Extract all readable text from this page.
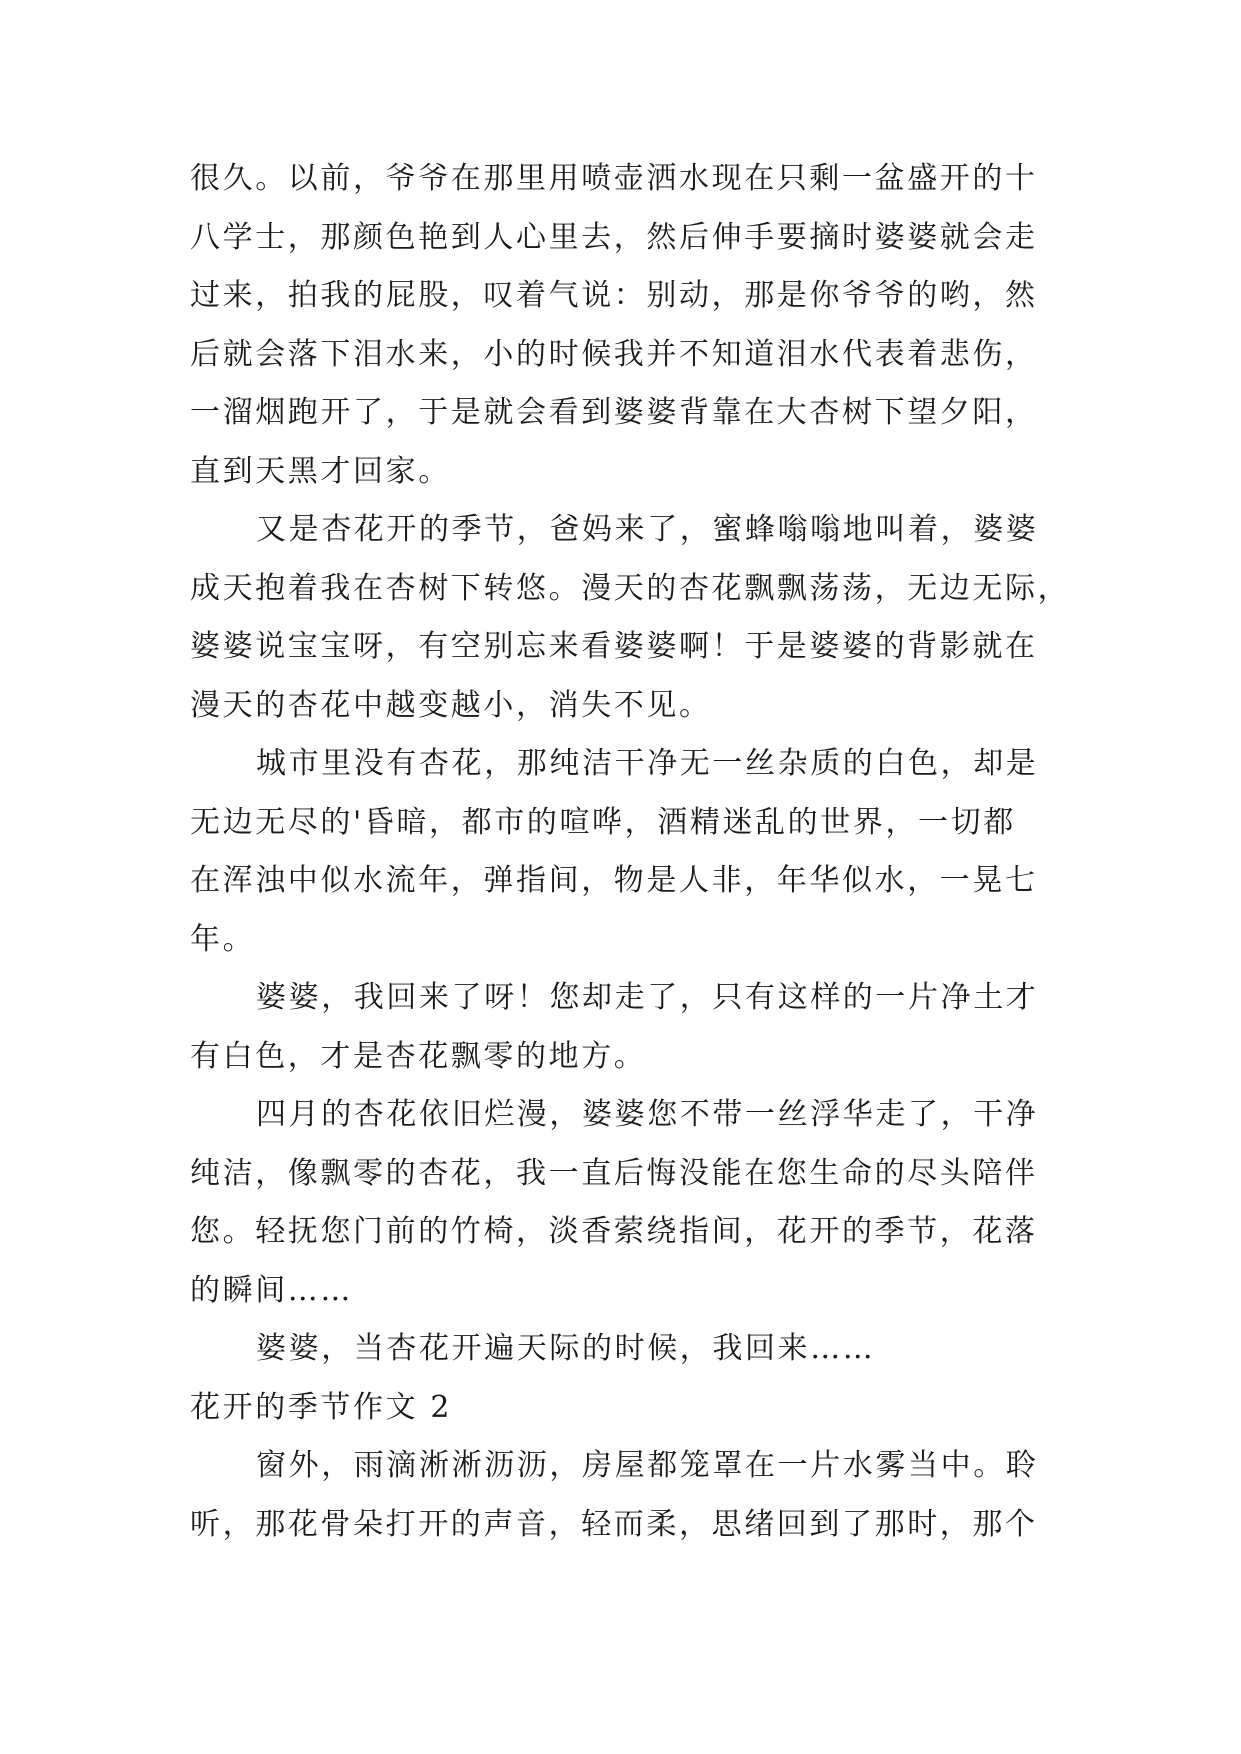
很久。以前，爷爷在那里用喷壶洒水现在只剩一盆盛开的十
八学士，那颜色艳到人心里去，然后伸手要摘时婆婆就会走
过来，拍我的屁股，叹着气说：别动，那是你爷爷的哟，然
后就会落下泪水来，小的时候我并不知道泪水代表着悲伤，
一溜烟跑开了，于是就会看到婆婆背靠在大杏树下望夕阳，
直到天黑才回家。
又是杏花开的季节，爸妈来了，蜜蜂嗡嗡地叫着，婆婆
成天抱着我在杏树下转悠。漫天的杏花飘飘荡荡，无边无际，
婆婆说宝宝呀，有空别忘来看婆婆啊！于是婆婆的背影就在
漫天的杏花中越变越小，消失不见。
城市里没有杏花，那纯洁干净无一丝杂质的白色，却是
无边无尽的'昏暗，都市的喧哗，酒精迷乱的世界，一切都
在浑浊中似水流年，弹指间，物是人非，年华似水，一晃七
年。
婆婆，我回来了呀！您却走了，只有这样的一片净土才
有白色，才是杏花飘零的地方。
四月的杏花依旧烂漫，婆婆您不带一丝浮华走了，干净
纯洁，像飘零的杏花，我一直后悔没能在您生命的尽头陪伴
您。轻抚您门前的竹椅，淡香萦绕指间，花开的季节，花落
的瞬间……
婆婆，当杏花开遍天际的时候，我回来……
花开的季节作文 2
窗外，雨滴淅淅沥沥，房屋都笼罩在一片水雾当中。聆
听，那花骨朵打开的声音，轻而柔，思绪回到了那时，那个
